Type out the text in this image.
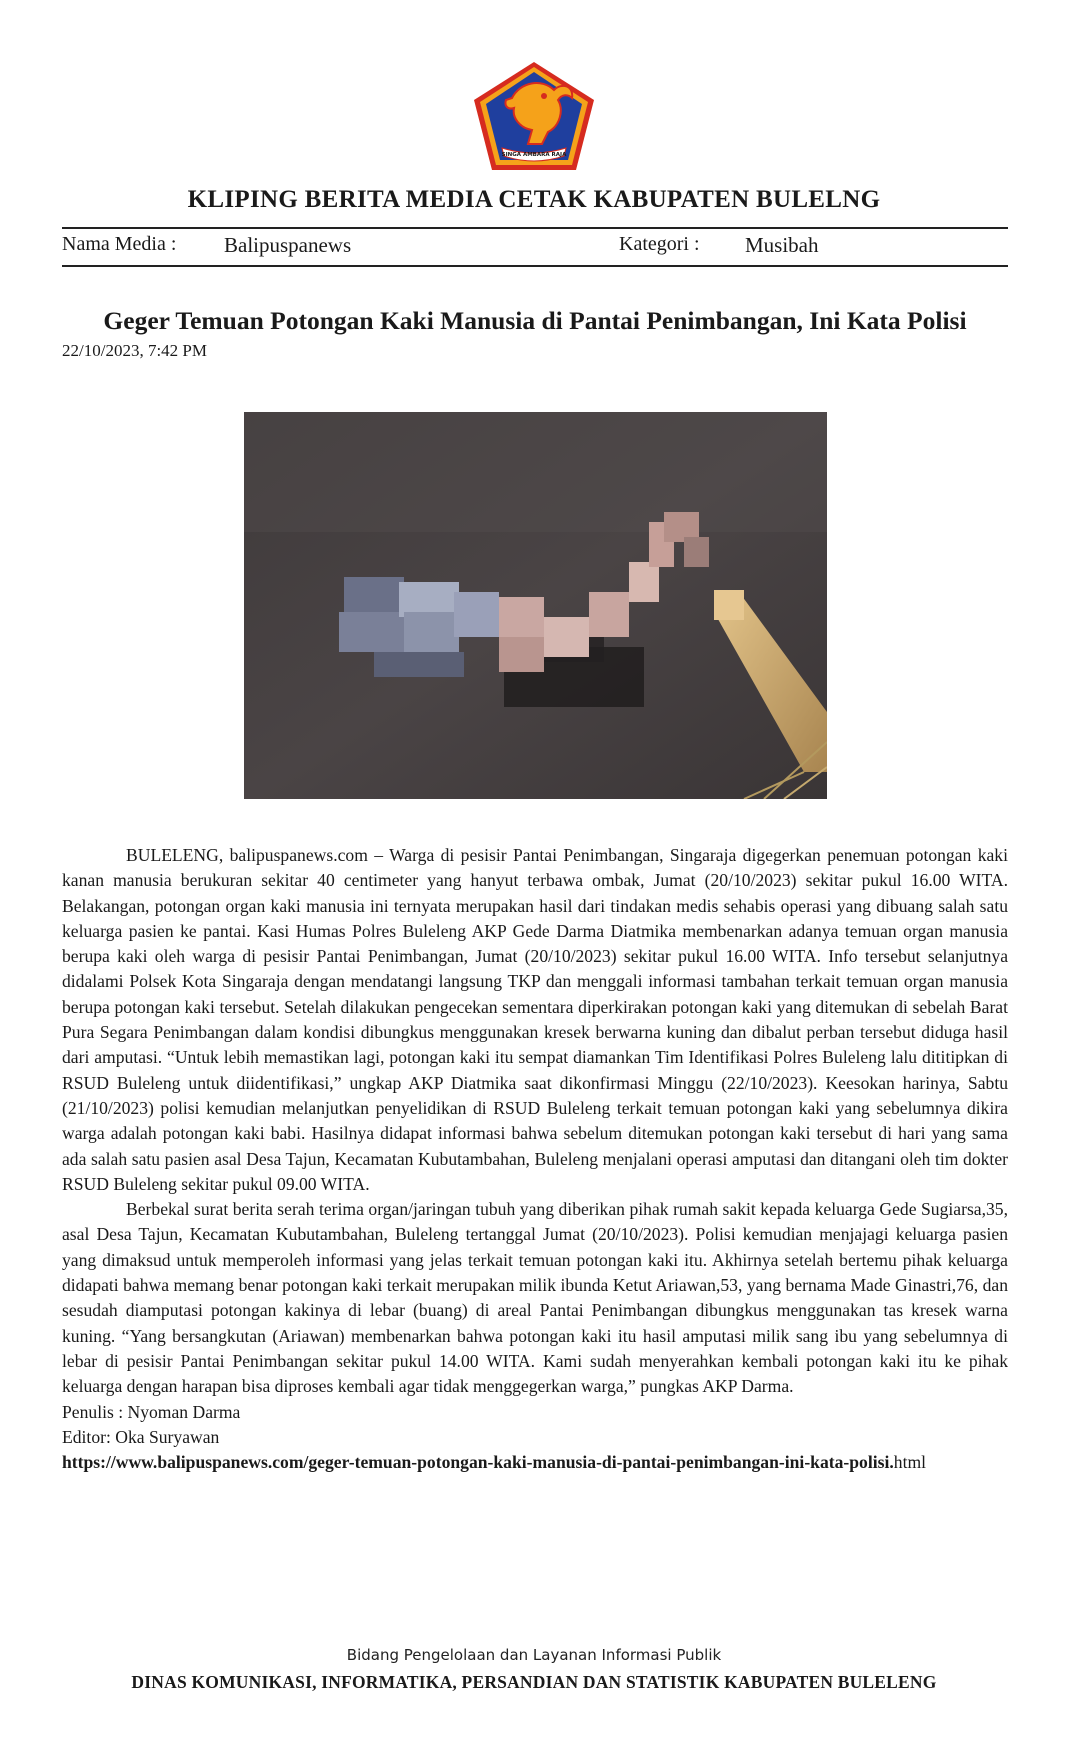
SINGA AMBARA RAJA
KLIPING BERITA MEDIA CETAK KABUPATEN BULELNG
Nama Media : Balipuspanews	Kategori : Musibah
Geger Temuan Potongan Kaki Manusia di Pantai Penimbangan, Ini Kata Polisi
22/10/2023, 7:42 PM

BULELENG, balipuspanews.com – Warga di pesisir Pantai Penimbangan, Singaraja digegerkan penemuan potongan kaki kanan manusia berukuran sekitar 40 centimeter yang hanyut terbawa ombak, Jumat (20/10/2023) sekitar pukul 16.00 WITA. Belakangan, potongan organ kaki manusia ini ternyata merupakan hasil dari tindakan medis sehabis operasi yang dibuang salah satu keluarga pasien ke pantai. Kasi Humas Polres Buleleng AKP Gede Darma Diatmika membenarkan adanya temuan organ manusia berupa kaki oleh warga di pesisir Pantai Penimbangan, Jumat (20/10/2023) sekitar pukul 16.00 WITA. Info tersebut selanjutnya didalami Polsek Kota Singaraja dengan mendatangi langsung TKP dan menggali informasi tambahan terkait temuan organ manusia berupa potongan kaki tersebut. Setelah dilakukan pengecekan sementara diperkirakan potongan kaki yang ditemukan di sebelah Barat Pura Segara Penimbangan dalam kondisi dibungkus menggunakan kresek berwarna kuning dan dibalut perban tersebut diduga hasil dari amputasi. “Untuk lebih memastikan lagi, potongan kaki itu sempat diamankan Tim Identifikasi Polres Buleleng lalu dititipkan di RSUD Buleleng untuk diidentifikasi,” ungkap AKP Diatmika saat dikonfirmasi Minggu (22/10/2023). Keesokan harinya, Sabtu (21/10/2023) polisi kemudian melanjutkan penyelidikan di RSUD Buleleng terkait temuan potongan kaki yang sebelumnya dikira warga adalah potongan kaki babi. Hasilnya didapat informasi bahwa sebelum ditemukan potongan kaki tersebut di hari yang sama ada salah satu pasien asal Desa Tajun, Kecamatan Kubutambahan, Buleleng menjalani operasi amputasi dan ditangani oleh tim dokter RSUD Buleleng sekitar pukul 09.00 WITA.

Berbekal surat berita serah terima organ/jaringan tubuh yang diberikan pihak rumah sakit kepada keluarga Gede Sugiarsa,35, asal Desa Tajun, Kecamatan Kubutambahan, Buleleng tertanggal Jumat (20/10/2023). Polisi kemudian menjajagi keluarga pasien yang dimaksud untuk memperoleh informasi yang jelas terkait temuan potongan kaki itu. Akhirnya setelah bertemu pihak keluarga didapati bahwa memang benar potongan kaki terkait merupakan milik ibunda Ketut Ariawan,53, yang bernama Made Ginastri,76, dan sesudah diamputasi potongan kakinya di lebar (buang) di areal Pantai Penimbangan dibungkus menggunakan tas kresek warna kuning. “Yang bersangkutan (Ariawan) membenarkan bahwa potongan kaki itu hasil amputasi milik sang ibu yang sebelumnya di lebar di pesisir Pantai Penimbangan sekitar pukul 14.00 WITA. Kami sudah menyerahkan kembali potongan kaki itu ke pihak keluarga dengan harapan bisa diproses kembali agar tidak menggegerkan warga,” pungkas AKP Darma.

Penulis : Nyoman Darma

Editor: Oka Suryawan

https://www.balipuspanews.com/geger-temuan-potongan-kaki-manusia-di-pantai-penimbangan-ini-kata-polisi.html

Bidang Pengelolaan dan Layanan Informasi Publik
DINAS KOMUNIKASI, INFORMATIKA, PERSANDIAN DAN STATISTIK KABUPATEN BULELENG
